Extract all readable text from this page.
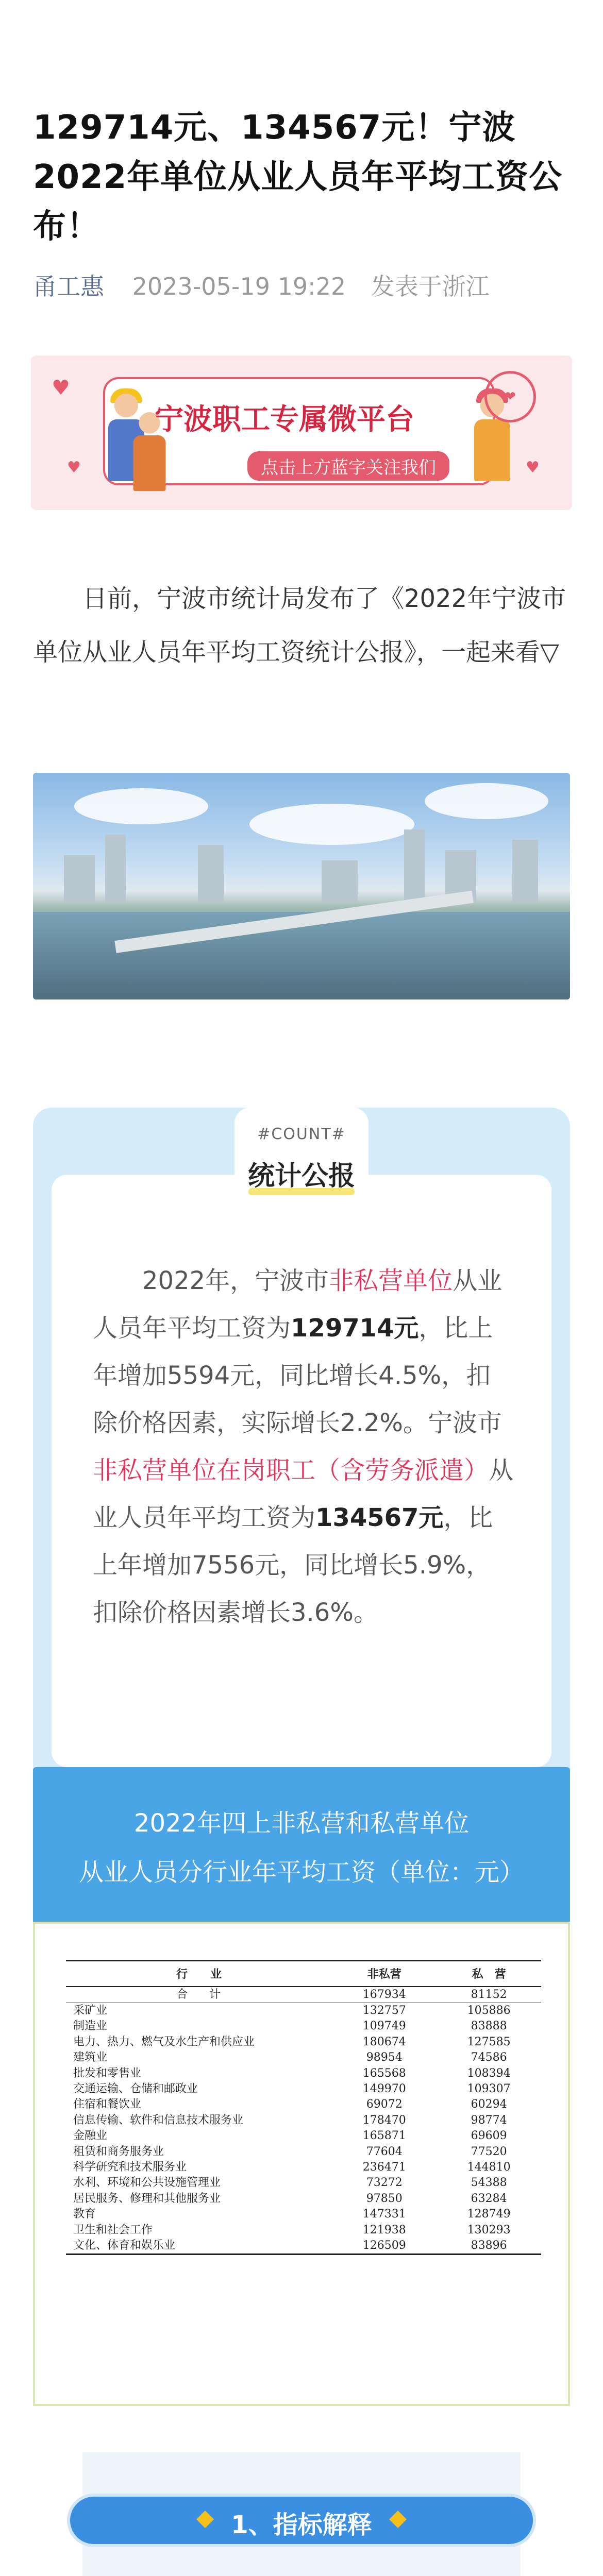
129714元、134567元！宁波2022年单位从业人员年平均工资公布！
甬工惠 2023-05-19 19:22 发表于浙江
♥
♥	♥
宁波职工专属微平台
点击上方蓝字关注我们
❤

日前，宁波市统计局发布了《2022年宁波市单位从业人员年平均工资统计公报》，一起来看▽

#COUNT#
统计公报

2022年，宁波市非私营单位从业人员年平均工资为129714元，比上年增加5594元，同比增长4.5%，扣除价格因素，实际增长2.2%。宁波市非私营单位在岗职工（含劳务派遣）从业人员年平均工资为134567元，比上年增加7556元，同比增长5.9%，扣除价格因素增长3.6%。

2022年四上非私营和私营单位
从业人员分行业年平均工资（单位：元）
行　　业	非私营	私　营
合　计	167934	81152
采矿业	132757	105886
制造业	109749	83888
电力、热力、燃气及水生产和供应业	180674	127585
建筑业	98954	74586
批发和零售业	165568	108394
交通运输、仓储和邮政业	149970	109307
住宿和餐饮业	69072	60294
信息传输、软件和信息技术服务业	178470	98774
金融业	165871	69609
租赁和商务服务业	77604	77520
科学研究和技术服务业	236471	144810
水利、环境和公共设施管理业	73272	54388
居民服务、修理和其他服务业	97850	63284
教育	147331	128749
卫生和社会工作	121938	130293
文化、体育和娱乐业	126509	83896
1、指标解释
